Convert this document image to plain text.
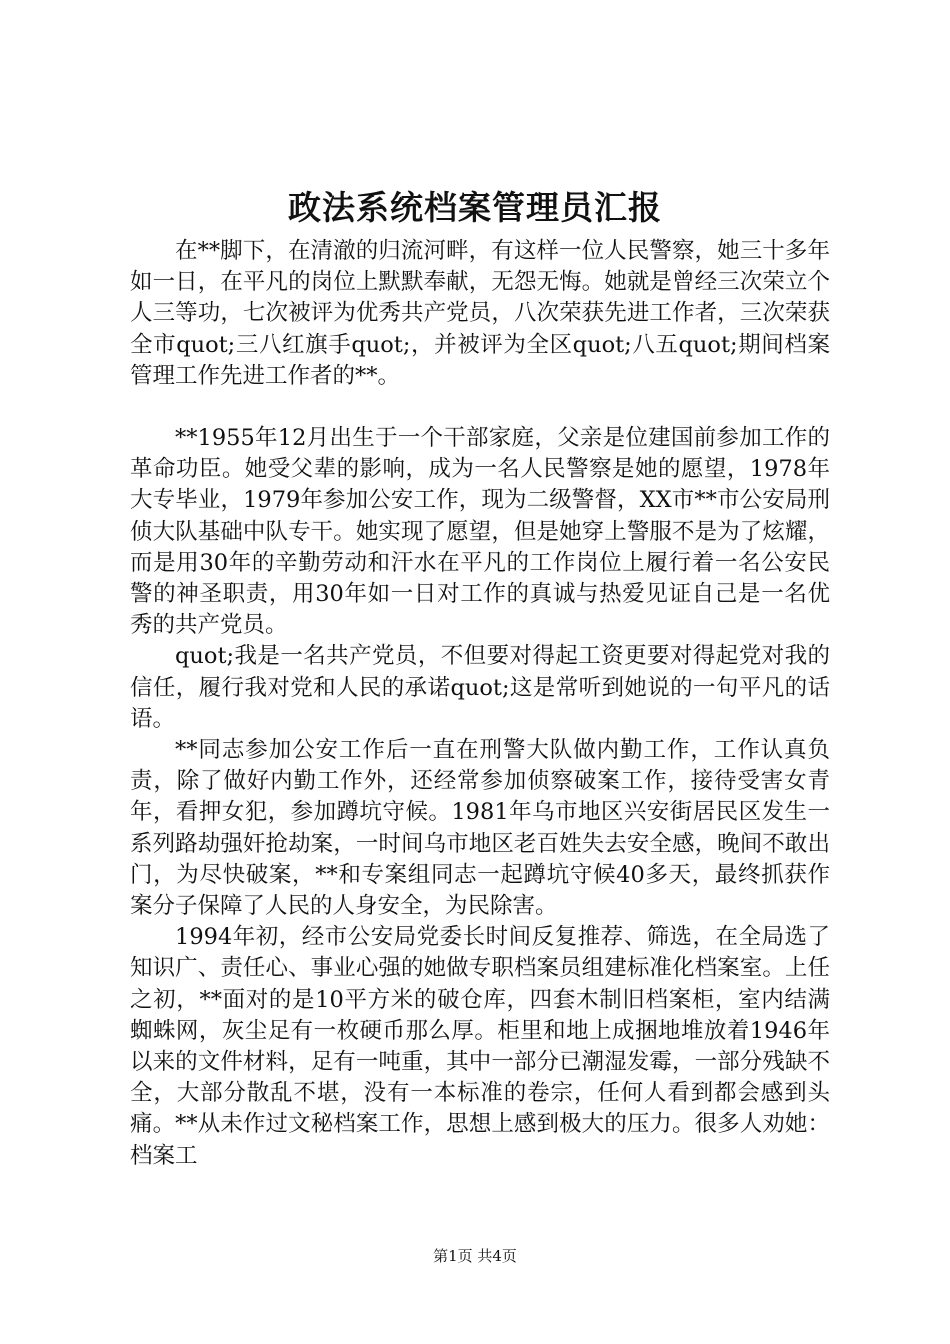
政法系统档案管理员汇报

在**脚下，在清澈的归流河畔，有这样一位人民警察，她三十多年如一日，在平凡的岗位上默默奉献，无怨无悔。她就是曾经三次荣立个人三等功，七次被评为优秀共产党员，八次荣获先进工作者，三次荣获全市quot;三八红旗手quot;，并被评为全区quot;八五quot;期间档案管理工作先进工作者的**。

**1955年12月出生于一个干部家庭，父亲是位建国前参加工作的革命功臣。她受父辈的影响，成为一名人民警察是她的愿望，1978年大专毕业，1979年参加公安工作，现为二级警督，XX市**市公安局刑侦大队基础中队专干。她实现了愿望，但是她穿上警服不是为了炫耀，而是用30年的辛勤劳动和汗水在平凡的工作岗位上履行着一名公安民警的神圣职责，用30年如一日对工作的真诚与热爱见证自己是一名优秀的共产党员。

quot;我是一名共产党员，不但要对得起工资更要对得起党对我的信任，履行我对党和人民的承诺quot;这是常听到她说的一句平凡的话语。

**同志参加公安工作后一直在刑警大队做内勤工作，工作认真负责，除了做好内勤工作外，还经常参加侦察破案工作，接待受害女青年，看押女犯，参加蹲坑守候。1981年乌市地区兴安街居民区发生一系列路劫强奸抢劫案，一时间乌市地区老百姓失去安全感，晚间不敢出门，为尽快破案，**和专案组同志一起蹲坑守候40多天，最终抓获作案分子保障了人民的人身安全，为民除害。

1994年初，经市公安局党委长时间反复推荐、筛选，在全局选了知识广、责任心、事业心强的她做专职档案员组建标准化档案室。上任之初，**面对的是10平方米的破仓库，四套木制旧档案柜，室内结满蜘蛛网，灰尘足有一枚硬币那么厚。柜里和地上成捆地堆放着1946年以来的文件材料，足有一吨重，其中一部分已潮湿发霉，一部分残缺不全，大部分散乱不堪，没有一本标准的卷宗，任何人看到都会感到头痛。**从未作过文秘档案工作，思想上感到极大的压力。很多人劝她：档案工

第1页 共4页
